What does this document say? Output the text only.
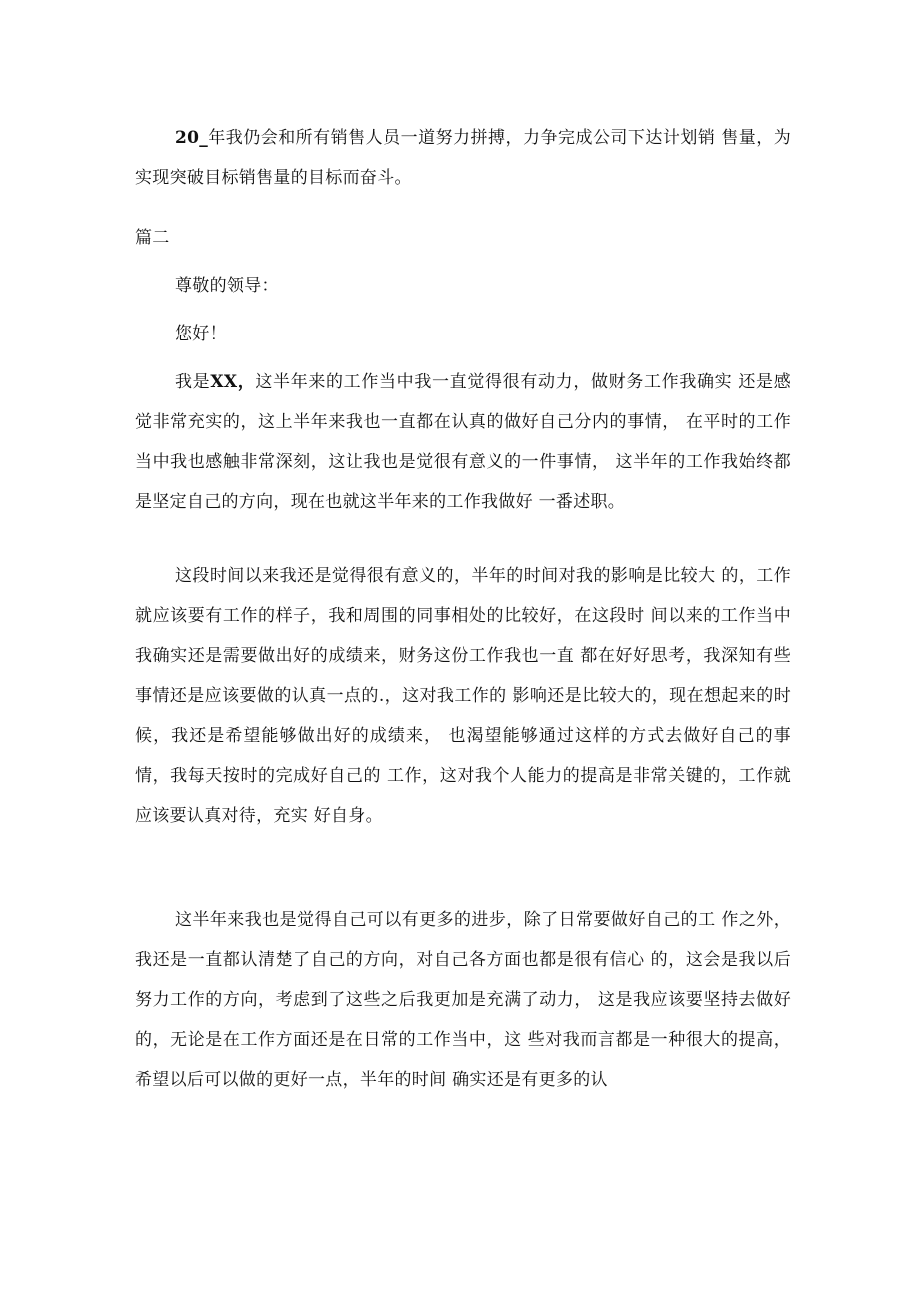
20_年我仍会和所有销售人员一道努力拼搏，力争完成公司下达计划销 售量，为实现突破目标销售量的目标而奋斗。

篇二
尊敬的领导：
您好！

我是XX，这半年来的工作当中我一直觉得很有动力，做财务工作我确实 还是感觉非常充实的，这上半年来我也一直都在认真的做好自己分内的事情， 在平时的工作当中我也感触非常深刻，这让我也是觉很有意义的一件事情， 这半年的工作我始终都是坚定自己的方向，现在也就这半年来的工作我做好 一番述职。

这段时间以来我还是觉得很有意义的，半年的时间对我的影响是比较大 的，工作就应该要有工作的样子，我和周围的同事相处的比较好，在这段时 间以来的工作当中我确实还是需要做出好的成绩来，财务这份工作我也一直 都在好好思考，我深知有些事情还是应该要做的认真一点的.，这对我工作的 影响还是比较大的，现在想起来的时候，我还是希望能够做出好的成绩来， 也渴望能够通过这样的方式去做好自己的事情，我每天按时的完成好自己的 工作，这对我个人能力的提高是非常关键的，工作就应该要认真对待，充实 好自身。

这半年来我也是觉得自己可以有更多的进步，除了日常要做好自己的工 作之外，我还是一直都认清楚了自己的方向，对自己各方面也都是很有信心 的，这会是我以后努力工作的方向，考虑到了这些之后我更加是充满了动力， 这是我应该要坚持去做好的，无论是在工作方面还是在日常的工作当中，这 些对我而言都是一种很大的提高，希望以后可以做的更好一点，半年的时间 确实还是有更多的认
